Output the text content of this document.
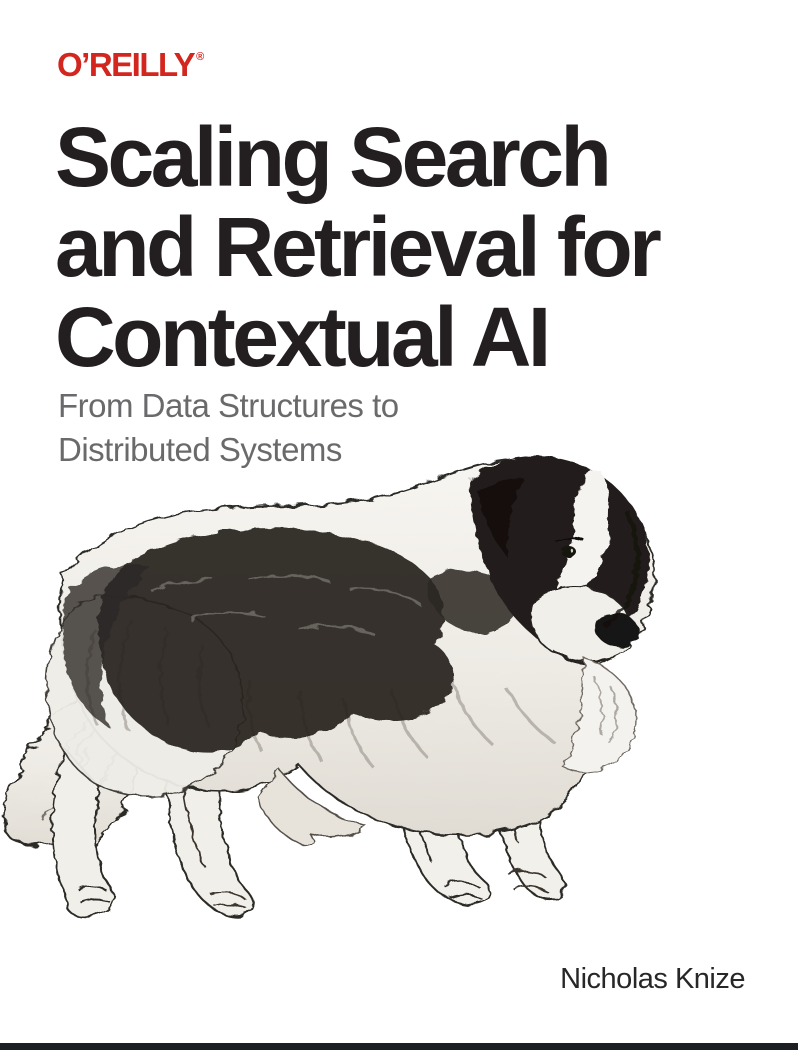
O’REILLY ®
Scaling Search
and Retrieval for
Contextual AI
From Data Structures to
Distributed Systems
Nicholas Knize
